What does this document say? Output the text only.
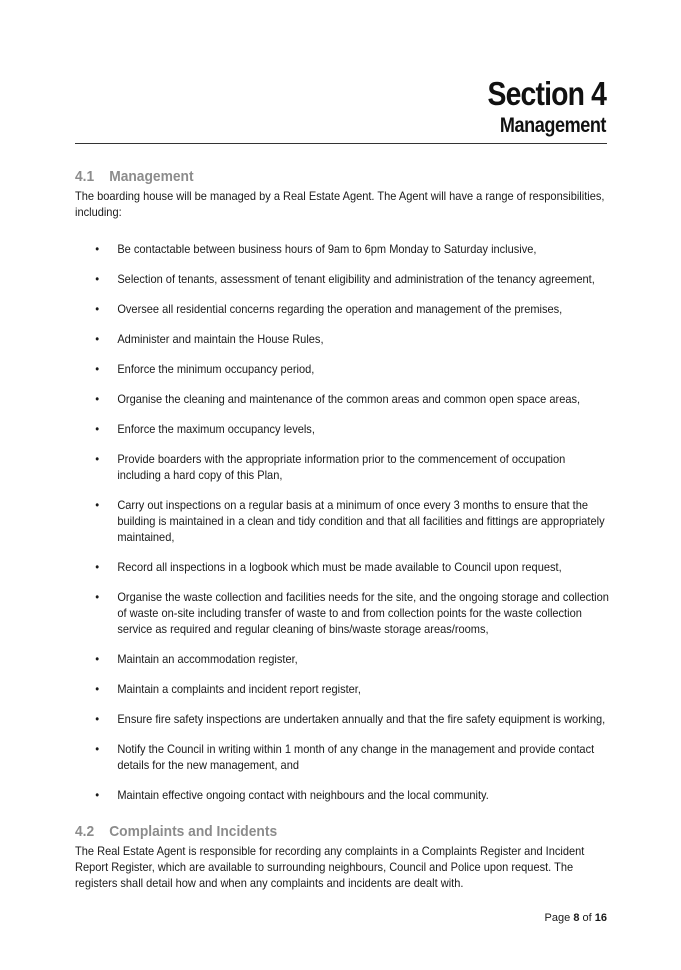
Section 4
Management
4.1 Management

The boarding house will be managed by a Real Estate Agent. The Agent will have a range of responsibilities, including:

• Be contactable between business hours of 9am to 6pm Monday to Saturday inclusive,
• Selection of tenants, assessment of tenant eligibility and administration of the tenancy agreement,
• Oversee all residential concerns regarding the operation and management of the premises,
• Administer and maintain the House Rules,
• Enforce the minimum occupancy period,
• Organise the cleaning and maintenance of the common areas and common open space areas,
• Enforce the maximum occupancy levels,
• Provide boarders with the appropriate information prior to the commencement of occupation including a hard copy of this Plan,
• Carry out inspections on a regular basis at a minimum of once every 3 months to ensure that the building is maintained in a clean and tidy condition and that all facilities and fittings are appropriately maintained,
• Record all inspections in a logbook which must be made available to Council upon request,
• Organise the waste collection and facilities needs for the site, and the ongoing storage and collection of waste on-site including transfer of waste to and from collection points for the waste collection service as required and regular cleaning of bins/waste storage areas/rooms,
• Maintain an accommodation register,
• Maintain a complaints and incident report register,
• Ensure fire safety inspections are undertaken annually and that the fire safety equipment is working,
• Notify the Council in writing within 1 month of any change in the management and provide contact details for the new management, and
• Maintain effective ongoing contact with neighbours and the local community.
4.2 Complaints and Incidents

The Real Estate Agent is responsible for recording any complaints in a Complaints Register and Incident Report Register, which are available to surrounding neighbours, Council and Police upon request. The registers shall detail how and when any complaints and incidents are dealt with.

Page 8 of 16
